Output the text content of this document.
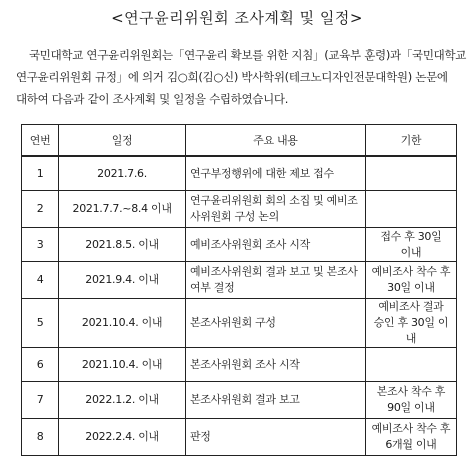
<연구윤리위원회 조사계획 및 일정>
국민대학교 연구윤리위원회는「연구윤리 확보를 위한 지침」(교육부 훈령)과「국민대학교
연구윤리위원회 규정」에 의거 김○희(김○신) 박사학위(테크노디자인전문대학원) 논문에
대하여 다음과 같이 조사계획 및 일정을 수립하였습니다.
연번	일정	주요 내용	기한
1	2021.7.6.	연구부정행위에 대한 제보 접수	

2	2021.7.7.~8.4 이내	연구윤리위원회 회의 소집 및 예비조사위원회 구성 논의	

3	2021.8.5. 이내	예비조사위원회 조사 시작	접수 후 30일
이내

4	2021.9.4. 이내	예비조사위원회 결과 보고 및 본조사 여부 결정	예비조사 착수 후
30일 이내

5	2021.10.4. 이내	본조사위원회 구성	예비조사 결과
승인 후 30일 이내

6	2021.10.4. 이내	본조사위원회 조사 시작	

7	2022.1.2. 이내	본조사위원회 결과 보고	본조사 착수 후
90일 이내

8	2022.2.4. 이내	판정	예비조사 착수 후
6개월 이내
